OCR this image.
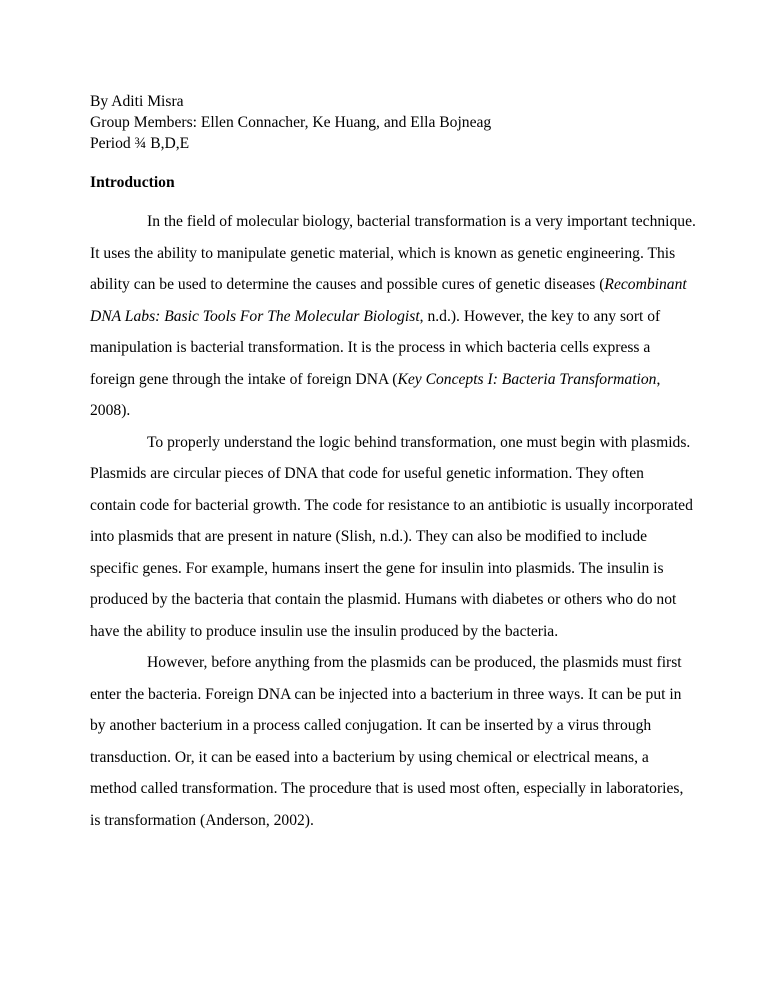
By Aditi Misra
Group Members: Ellen Connacher, Ke Huang, and Ella Bojneag
Period ¾ B,D,E
Introduction

In the field of molecular biology, bacterial transformation is a very important technique.
It uses the ability to manipulate genetic material, which is known as genetic engineering. This
ability can be used to determine the causes and possible cures of genetic diseases (Recombinant
DNA Labs: Basic Tools For The Molecular Biologist, n.d.). However, the key to any sort of
manipulation is bacterial transformation. It is the process in which bacteria cells express a
foreign gene through the intake of foreign DNA (Key Concepts I: Bacteria Transformation,
2008).

To properly understand the logic behind transformation, one must begin with plasmids.
Plasmids are circular pieces of DNA that code for useful genetic information. They often
contain code for bacterial growth. The code for resistance to an antibiotic is usually incorporated
into plasmids that are present in nature (Slish, n.d.). They can also be modified to include
specific genes. For example, humans insert the gene for insulin into plasmids. The insulin is
produced by the bacteria that contain the plasmid. Humans with diabetes or others who do not
have the ability to produce insulin use the insulin produced by the bacteria.

However, before anything from the plasmids can be produced, the plasmids must first
enter the bacteria. Foreign DNA can be injected into a bacterium in three ways. It can be put in
by another bacterium in a process called conjugation. It can be inserted by a virus through
transduction. Or, it can be eased into a bacterium by using chemical or electrical means, a
method called transformation. The procedure that is used most often, especially in laboratories,
is transformation (Anderson, 2002).
